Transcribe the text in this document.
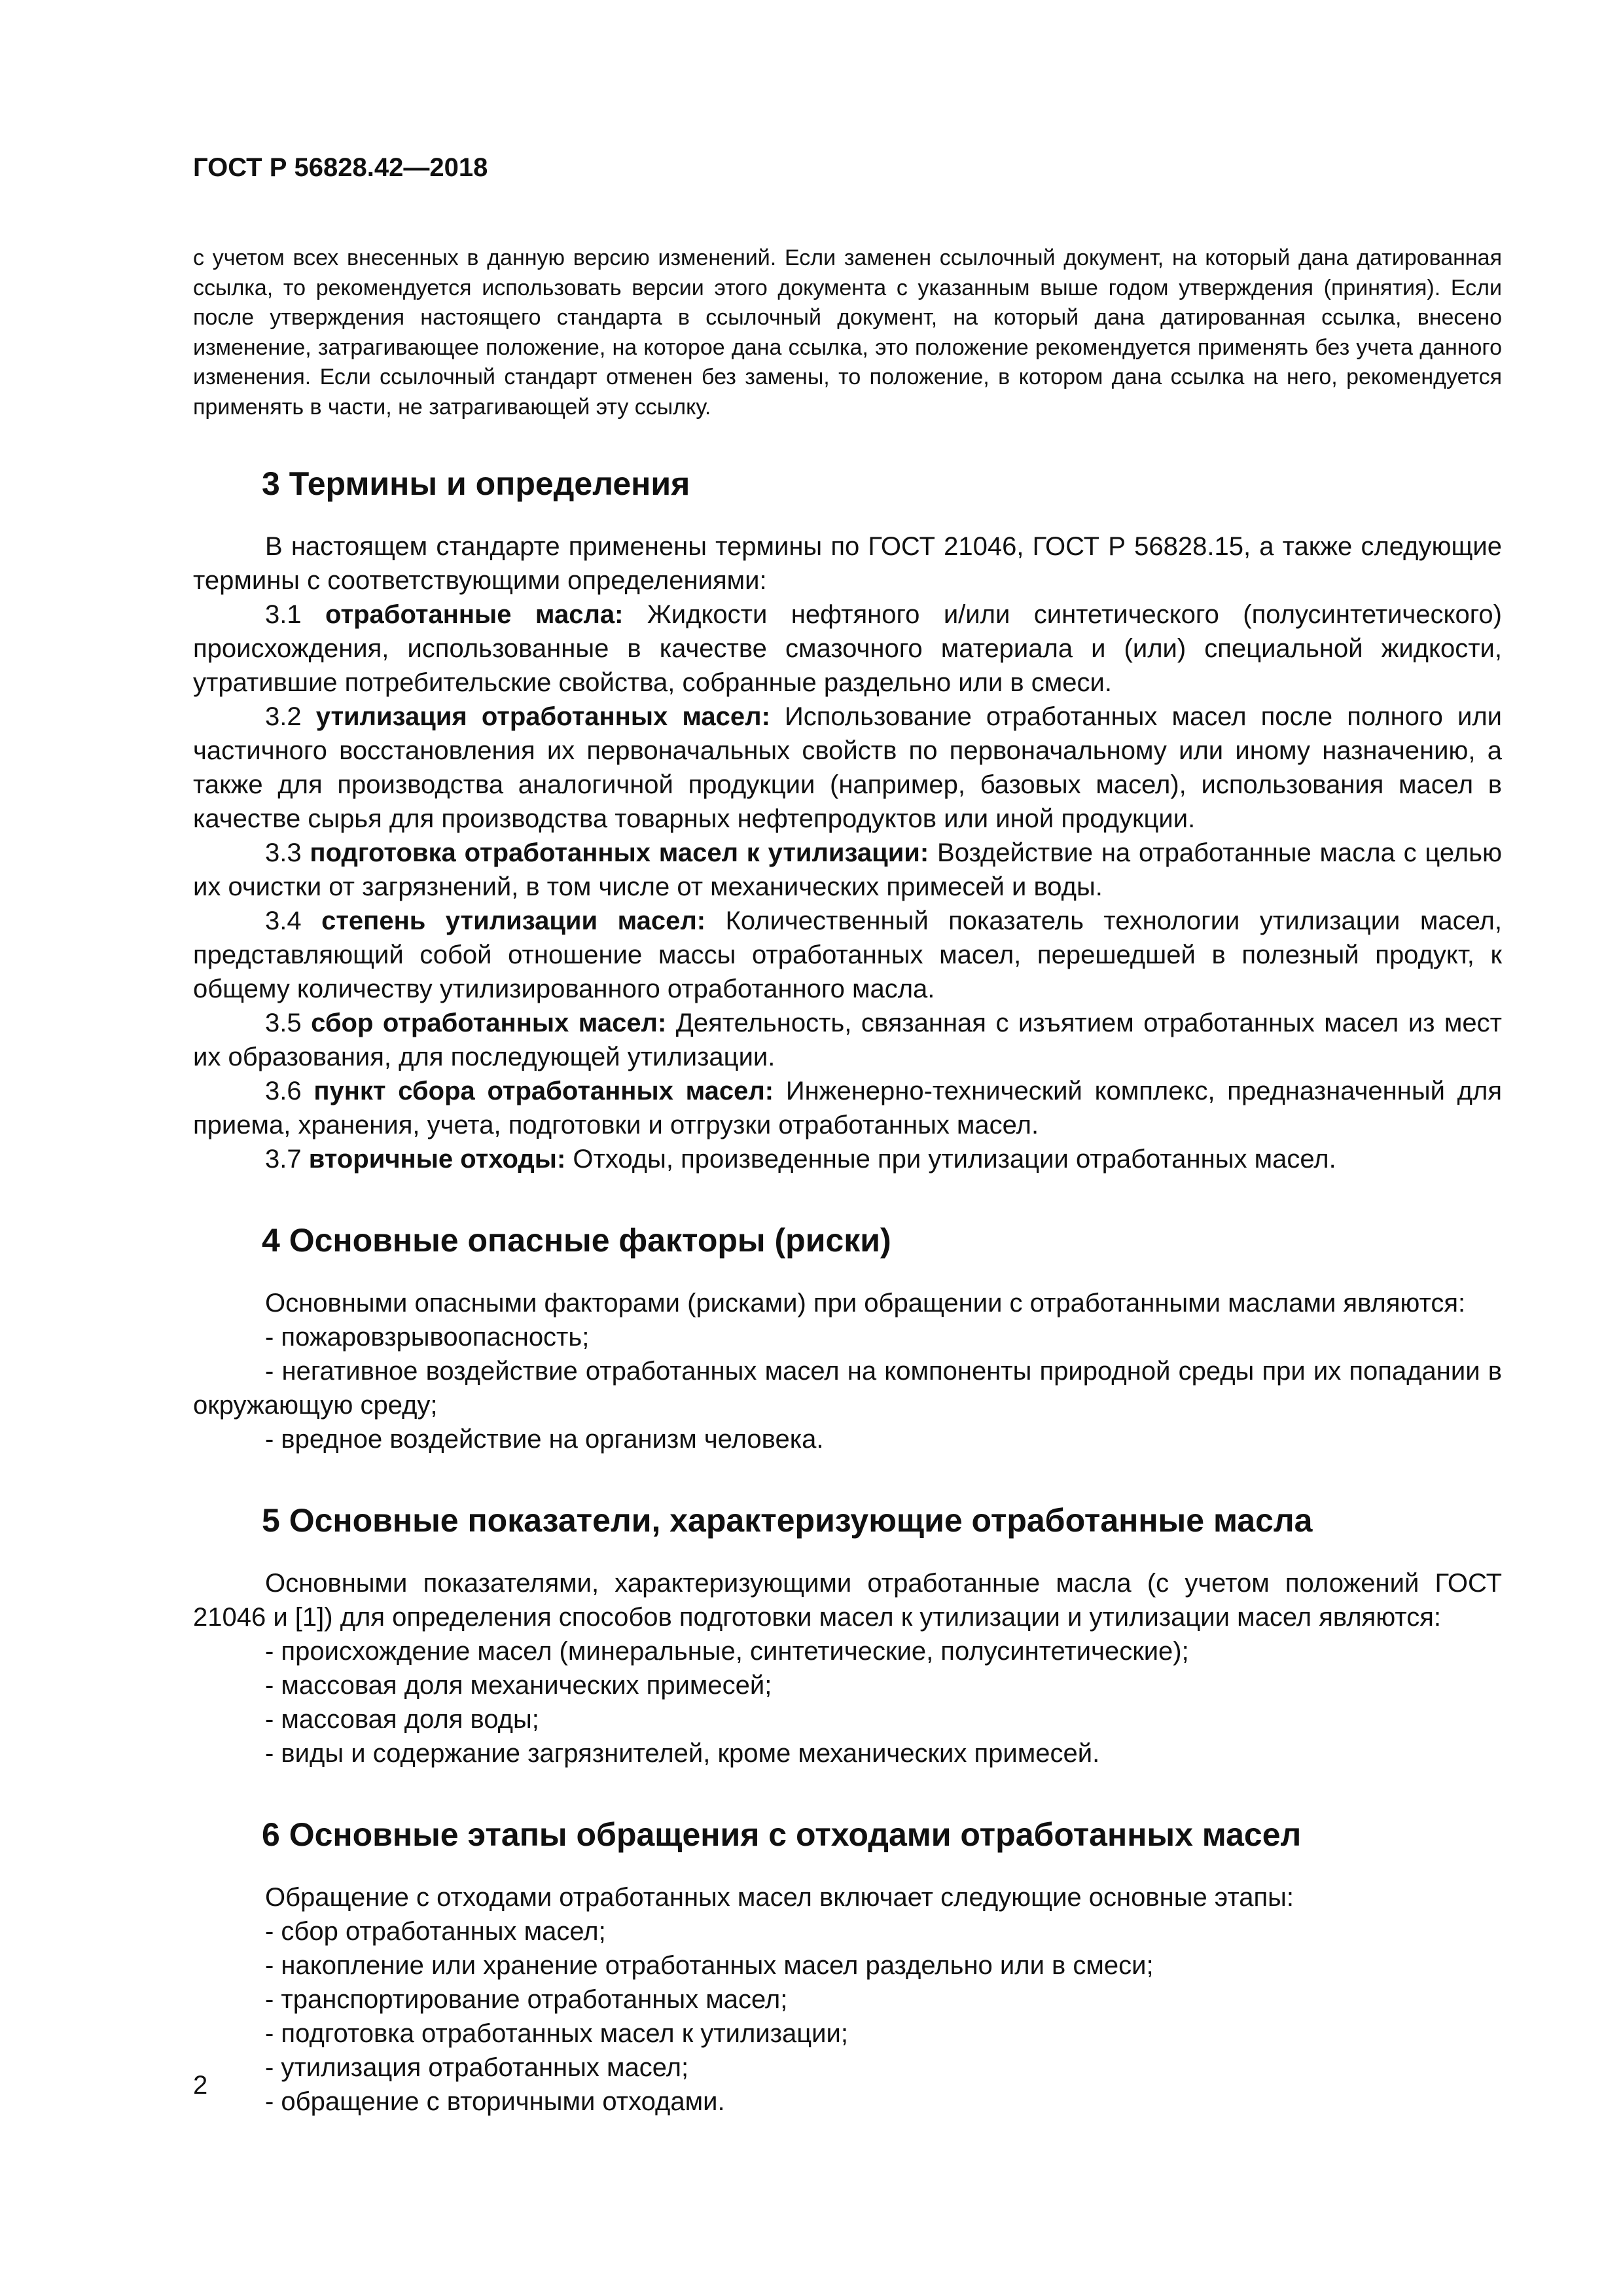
ГОСТ Р 56828.42—2018

с учетом всех внесенных в данную версию изменений. Если заменен ссылочный документ, на который дана датированная ссылка, то рекомендуется использовать версии этого документа с указанным выше годом утверждения (принятия). Если после утверждения настоящего стандарта в ссылочный документ, на который дана датированная ссылка, внесено изменение, затрагивающее положение, на которое дана ссылка, это положение рекомендуется применять без учета данного изменения. Если ссылочный стандарт отменен без замены, то положение, в котором дана ссылка на него, рекомендуется применять в части, не затрагивающей эту ссылку.

3 Термины и определения

В настоящем стандарте применены термины по ГОСТ 21046, ГОСТ Р 56828.15, а также следующие термины с соответствующими определениями:

3.1 отработанные масла: Жидкости нефтяного и/или синтетического (полусинтетического) происхождения, использованные в качестве смазочного материала и (или) специальной жидкости, утратившие потребительские свойства, собранные раздельно или в смеси.

3.2 утилизация отработанных масел: Использование отработанных масел после полного или частичного восстановления их первоначальных свойств по первоначальному или иному назначению, а также для производства аналогичной продукции (например, базовых масел), использования масел в качестве сырья для производства товарных нефтепродуктов или иной продукции.

3.3 подготовка отработанных масел к утилизации: Воздействие на отработанные масла с целью их очистки от загрязнений, в том числе от механических примесей и воды.

3.4 степень утилизации масел: Количественный показатель технологии утилизации масел, представляющий собой отношение массы отработанных масел, перешедшей в полезный продукт, к общему количеству утилизированного отработанного масла.

3.5 сбор отработанных масел: Деятельность, связанная с изъятием отработанных масел из мест их образования, для последующей утилизации.

3.6 пункт сбора отработанных масел: Инженерно-технический комплекс, предназначенный для приема, хранения, учета, подготовки и отгрузки отработанных масел.

3.7 вторичные отходы: Отходы, произведенные при утилизации отработанных масел.

4 Основные опасные факторы (риски)

Основными опасными факторами (рисками) при обращении с отработанными маслами являются:

- пожаровзрывоопасность;

- негативное воздействие отработанных масел на компоненты природной среды при их попадании в окружающую среду;

- вредное воздействие на организм человека.

5 Основные показатели, характеризующие отработанные масла

Основными показателями, характеризующими отработанные масла (с учетом положений ГОСТ 21046 и [1]) для определения способов подготовки масел к утилизации и утилизации масел являются:

- происхождение масел (минеральные, синтетические, полусинтетические);

- массовая доля механических примесей;

- массовая доля воды;

- виды и содержание загрязнителей, кроме механических примесей.

6 Основные этапы обращения с отходами отработанных масел

Обращение с отходами отработанных масел включает следующие основные этапы:

- сбор отработанных масел;

- накопление или хранение отработанных масел раздельно или в смеси;

- транспортирование отработанных масел;

- подготовка отработанных масел к утилизации;

- утилизация отработанных масел;

- обращение с вторичными отходами.

2
